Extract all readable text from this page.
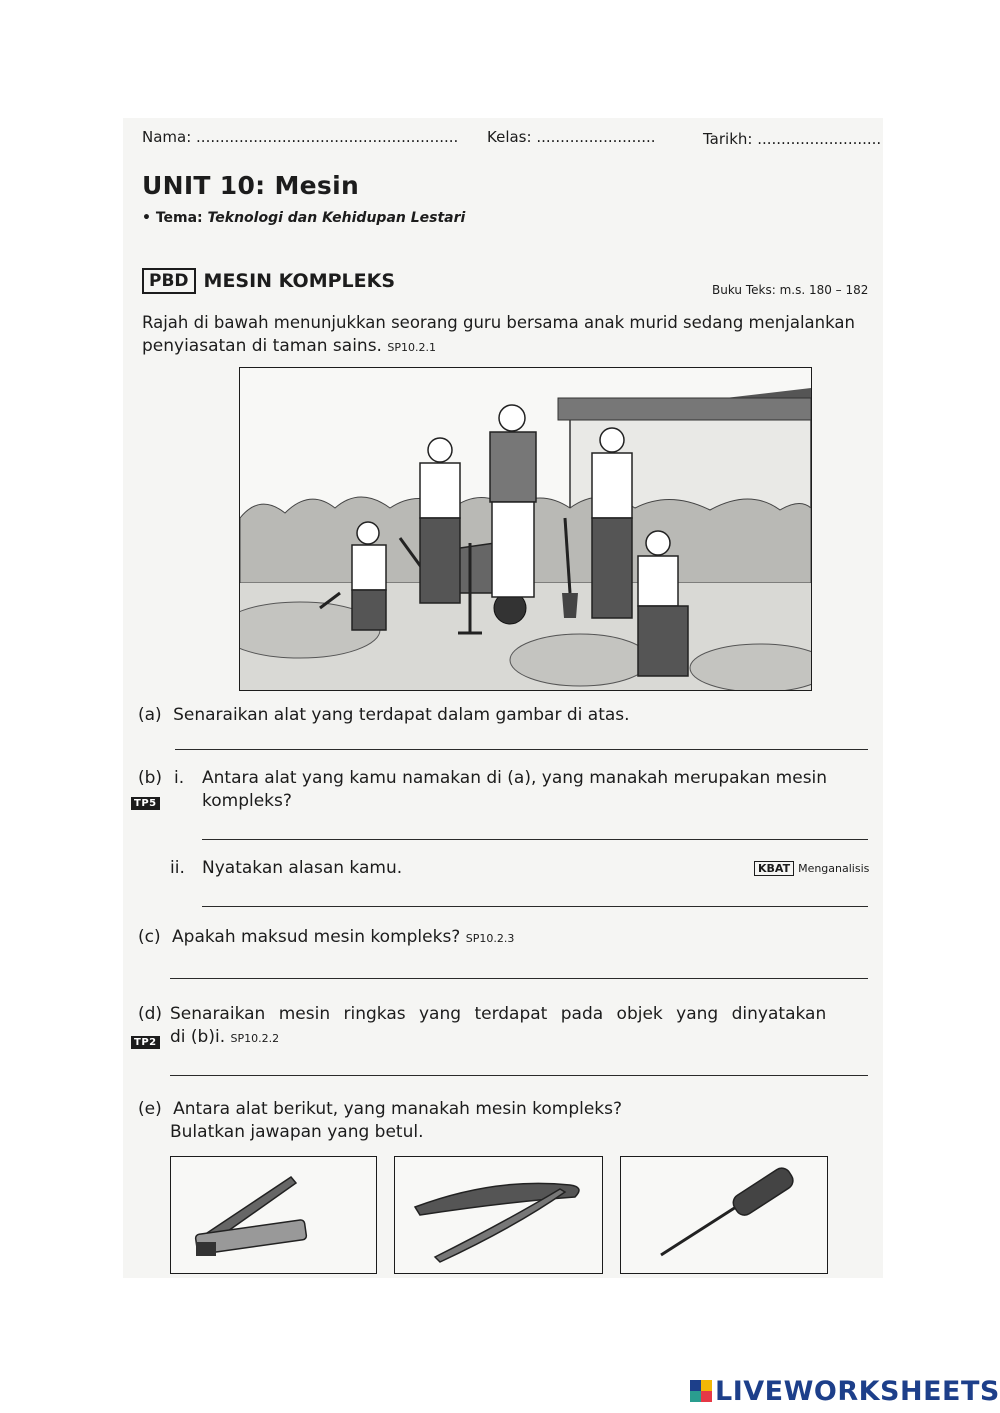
Nama: ....................................................... Kelas: .........................	Tarikh: ..........................
UNIT 10: Mesin
• Tema: Teknologi dan Kehidupan Lestari
PBD MESIN KOMPLEKS	Buku Teks: m.s. 180 – 182
Rajah di bawah menunjukkan seorang guru bersama anak murid sedang menjalankan
penyiasatan di taman sains. SP10.2.1
(a) Senaraikan alat yang terdapat dalam gambar di atas.
(b)
TP5
i. Antara alat yang kamu namakan di (a), yang manakah merupakan mesin
kompleks?
ii. Nyatakan alasan kamu.	KBAT Menganalisis
(c) Apakah maksud mesin kompleks? SP10.2.3
(d)
TP2
Senaraikan mesin ringkas yang terdapat pada objek yang dinyatakan
di (b)i. SP10.2.2
(e) Antara alat berikut, yang manakah mesin kompleks?
Bulatkan jawapan yang betul.
LIVEWORKSHEETS
